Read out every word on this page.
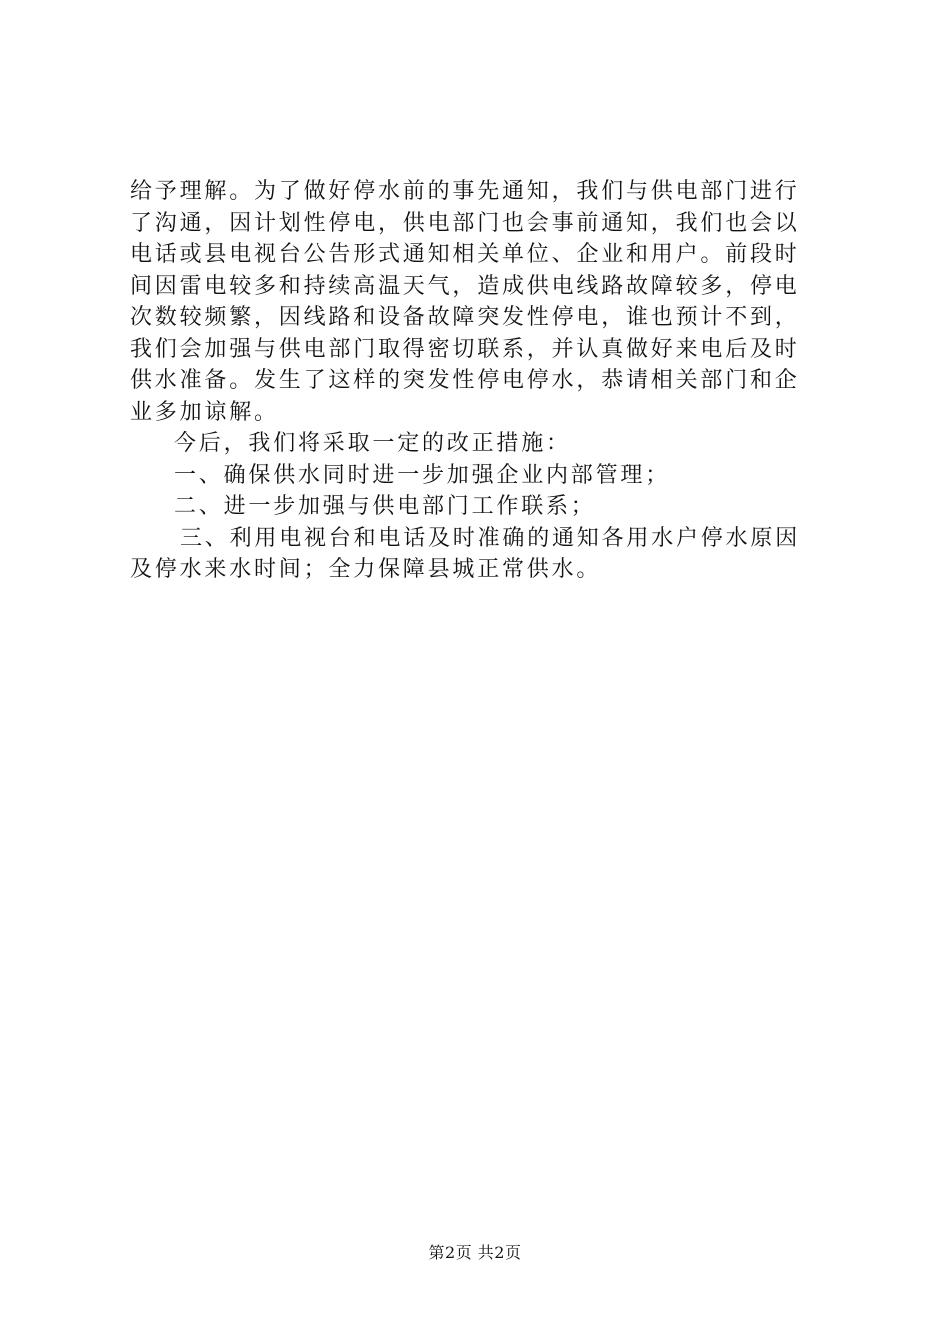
给予理解。为了做好停水前的事先通知，我们与供电部门进行
了沟通，因计划性停电，供电部门也会事前通知，我们也会以
电话或县电视台公告形式通知相关单位、企业和用户。前段时
间因雷电较多和持续高温天气，造成供电线路故障较多，停电
次数较频繁，因线路和设备故障突发性停电，谁也预计不到，
我们会加强与供电部门取得密切联系，并认真做好来电后及时
供水准备。发生了这样的突发性停电停水，恭请相关部门和企
业多加谅解。

今后，我们将采取一定的改正措施：

一、确保供水同时进一步加强企业内部管理；

二、进一步加强与供电部门工作联系；

三、利用电视台和电话及时准确的通知各用水户停水原因
及停水来水时间；全力保障县城正常供水。

第2页 共2页
